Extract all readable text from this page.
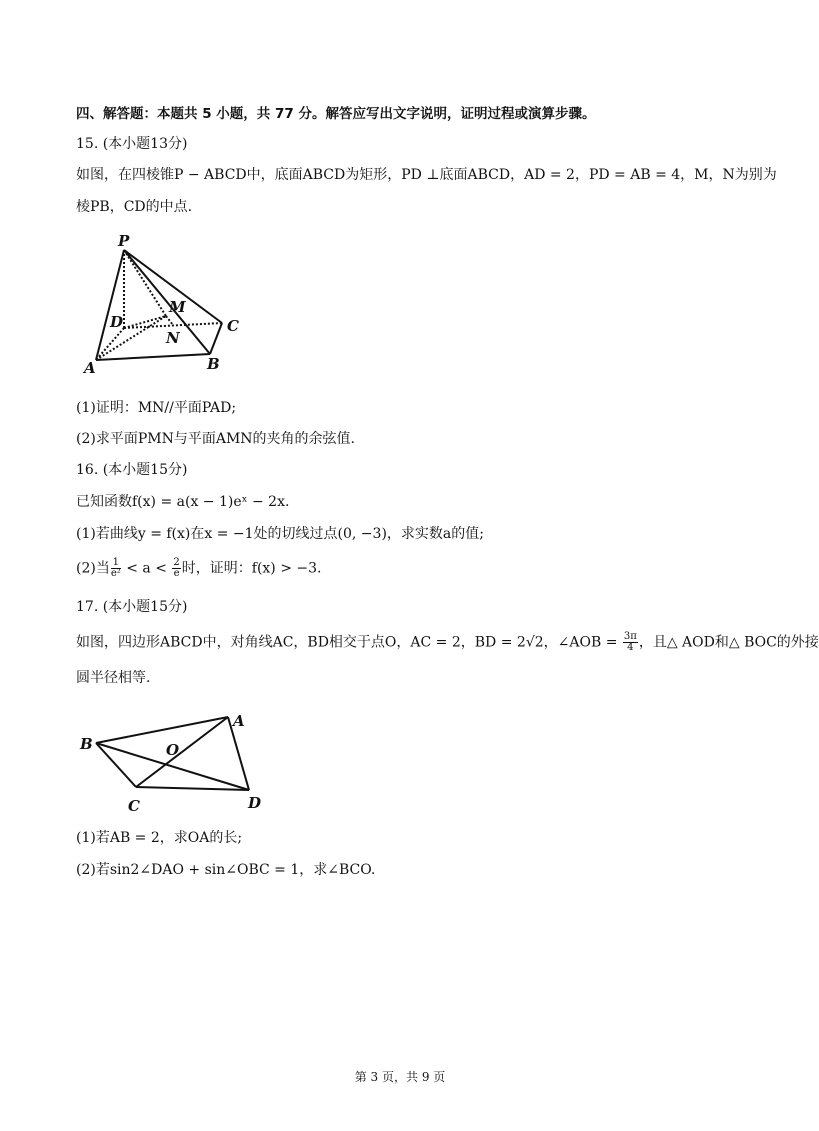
四、解答题：本题共 5 小题，共 77 分。解答应写出文字说明，证明过程或演算步骤。
15. (本小题13分)
如图，在四棱锥P − ABCD中，底面ABCD为矩形，PD ⊥底面ABCD，AD = 2，PD = AB = 4，M，N为别为
棱PB，CD的中点.
P
M
D	C
N
A	B
(1)证明：MN//平面PAD;
(2)求平面PMN与平面AMN的夹角的余弦值.
16. (本小题15分)
已知函数f(x) = a(x − 1)eˣ − 2x.
(1)若曲线y = f(x)在x = −1处的切线过点(0, −3)，求实数a的值;
(2)当 $\frac{1}{\text{e²}} < a < \frac{2}{e}$ 时，证明：f(x) > −3.
17. (本小题15分)
如图，四边形ABCD中，对角线AC，BD相交于点O，AC = 2，BD = 2√2，∠AOB = $\frac{3\pi}{4}$ ，且△ AOD和△ BOC的外接
圆半径相等.
B
A
O
C	D
(1)若AB = 2，求OA的长;
(2)若sin2∠DAO + sin∠OBC = 1，求∠BCO.
第 3 页，共 9 页
